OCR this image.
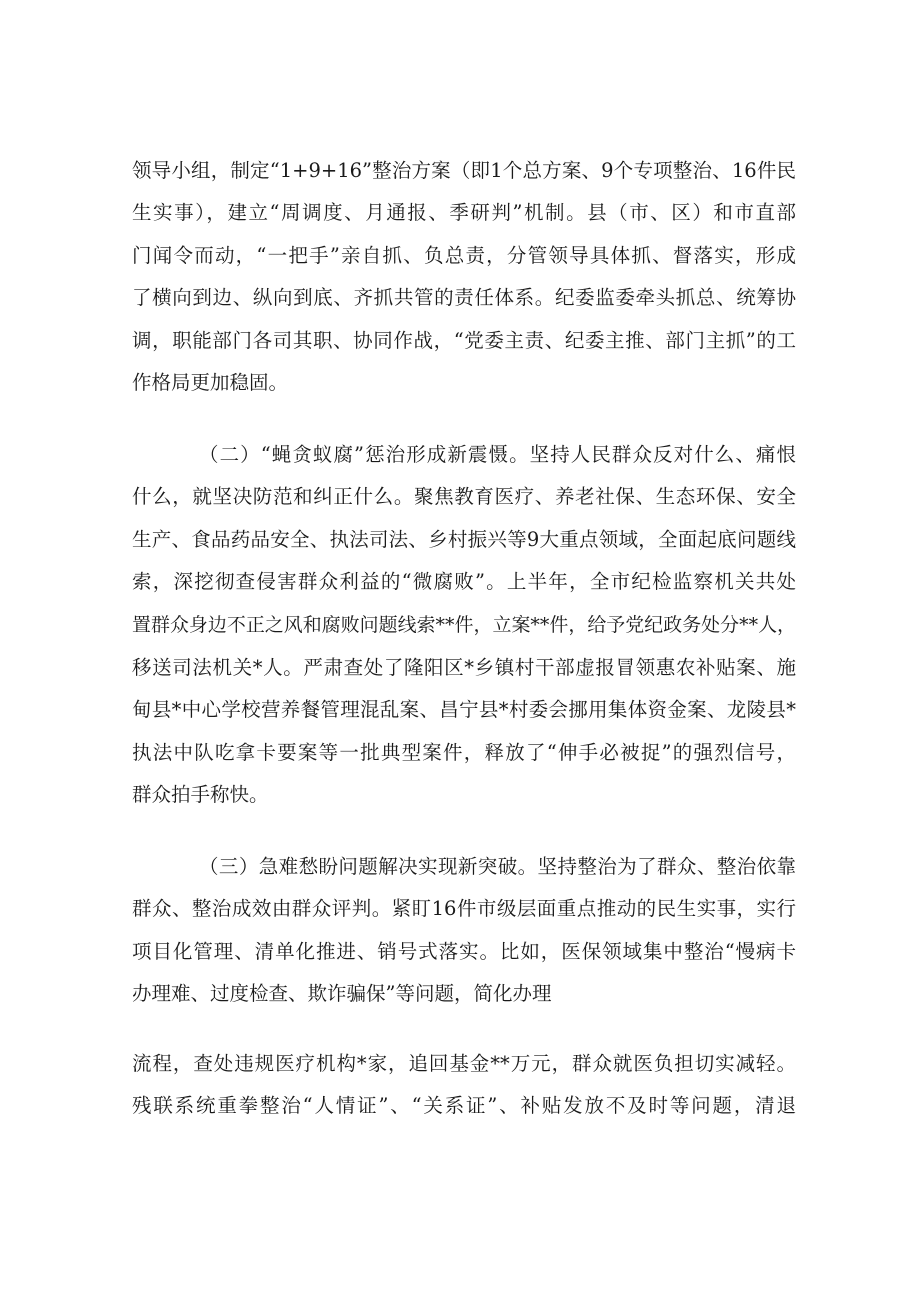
领导小组，制定“1+9+16”整治方案（即1个总方案、9个专项整治、16件民
生实事），建立“周调度、月通报、季研判”机制。县（市、区）和市直部
门闻令而动，“一把手”亲自抓、负总责，分管领导具体抓、督落实，形成
了横向到边、纵向到底、齐抓共管的责任体系。纪委监委牵头抓总、统筹协
调，职能部门各司其职、协同作战，“党委主责、纪委主推、部门主抓”的工
作格局更加稳固。
（二）“蝇贪蚁腐”惩治形成新震慑。坚持人民群众反对什么、痛恨
什么，就坚决防范和纠正什么。聚焦教育医疗、养老社保、生态环保、安全
生产、食品药品安全、执法司法、乡村振兴等9大重点领域，全面起底问题线
索，深挖彻查侵害群众利益的“微腐败”。上半年，全市纪检监察机关共处
置群众身边不正之风和腐败问题线索**件，立案**件，给予党纪政务处分**人，
移送司法机关*人。严肃查处了隆阳区*乡镇村干部虚报冒领惠农补贴案、施
甸县*中心学校营养餐管理混乱案、昌宁县*村委会挪用集体资金案、龙陵县*
执法中队吃拿卡要案等一批典型案件，释放了“伸手必被捉”的强烈信号，
群众拍手称快。
（三）急难愁盼问题解决实现新突破。坚持整治为了群众、整治依靠
群众、整治成效由群众评判。紧盯16件市级层面重点推动的民生实事，实行
项目化管理、清单化推进、销号式落实。比如，医保领域集中整治“慢病卡
办理难、过度检查、欺诈骗保”等问题，简化办理
流程，查处违规医疗机构*家，追回基金**万元，群众就医负担切实减轻。
残联系统重拳整治“人情证”、“关系证”、补贴发放不及时等问题，清退
